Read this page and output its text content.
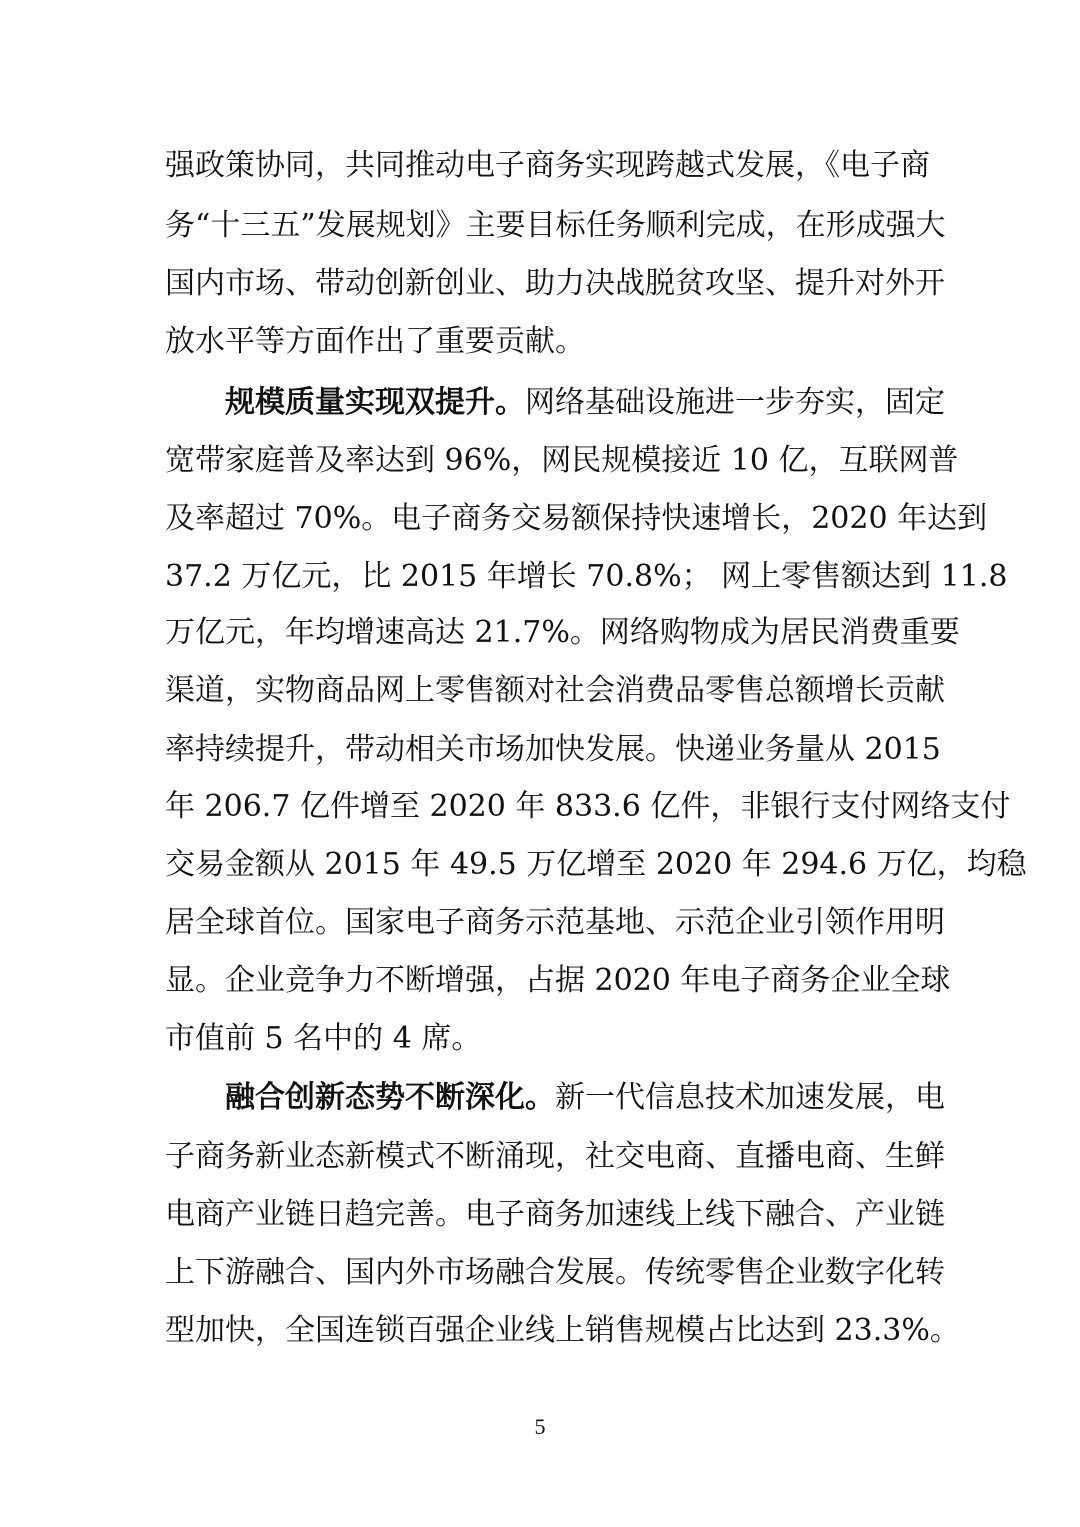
强政策协同，共同推动电子商务实现跨越式发展，《电子商
务“十三五”发展规划》主要目标任务顺利完成，在形成强大
国内市场、带动创新创业、助力决战脱贫攻坚、提升对外开
放水平等方面作出了重要贡献。
规模质量实现双提升。网络基础设施进一步夯实，固定
宽带家庭普及率达到 96%，网民规模接近 10 亿，互联网普
及率超过 70%。电子商务交易额保持快速增长，2020 年达到
37.2 万亿元，比 2015 年增长 70.8%； 网上零售额达到 11.8
万亿元，年均增速高达 21.7%。网络购物成为居民消费重要
渠道，实物商品网上零售额对社会消费品零售总额增长贡献
率持续提升，带动相关市场加快发展。快递业务量从 2015
年 206.7 亿件增至 2020 年 833.6 亿件，非银行支付网络支付
交易金额从 2015 年 49.5 万亿增至 2020 年 294.6 万亿，均稳
居全球首位。国家电子商务示范基地、示范企业引领作用明
显。企业竞争力不断增强，占据 2020 年电子商务企业全球
市值前 5 名中的 4 席。
融合创新态势不断深化。新一代信息技术加速发展，电
子商务新业态新模式不断涌现，社交电商、直播电商、生鲜
电商产业链日趋完善。电子商务加速线上线下融合、产业链
上下游融合、国内外市场融合发展。传统零售企业数字化转
型加快，全国连锁百强企业线上销售规模占比达到 23.3%。
5
